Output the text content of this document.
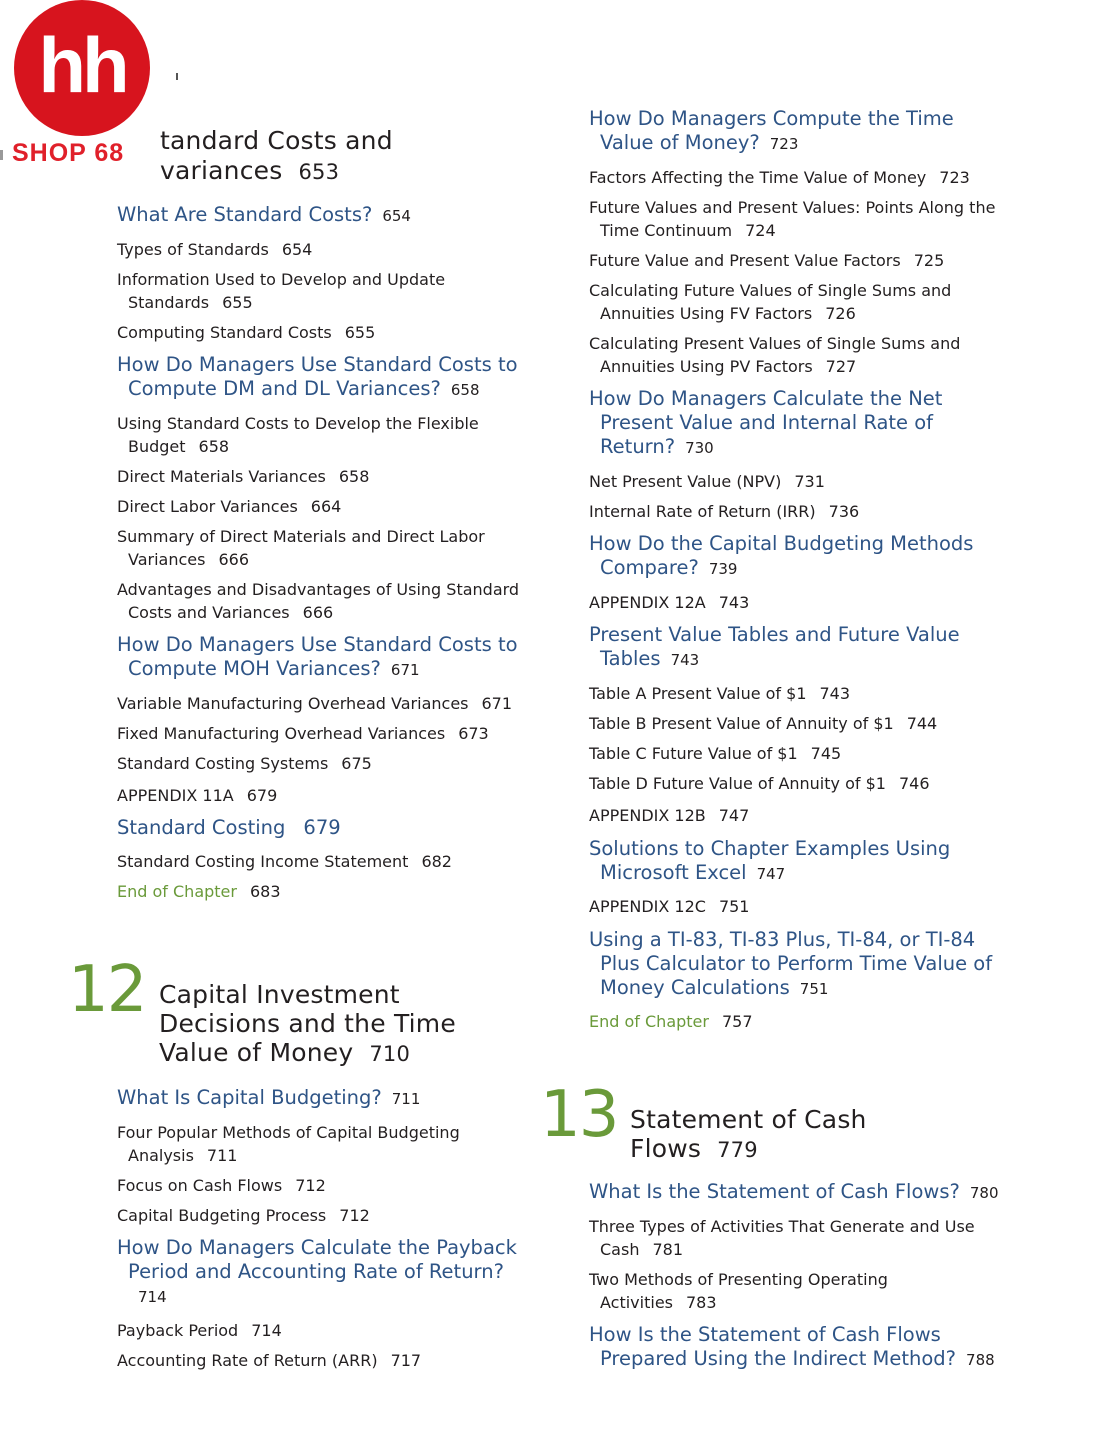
hh
SHOP 68 tandard Costs and
variances 653
What Are Standard Costs? 654
Types of Standards 654
Information Used to Develop and Update Standards 655
Computing Standard Costs 655
How Do Managers Use Standard Costs to Compute DM and DL Variances? 658
Using Standard Costs to Develop the Flexible Budget 658
Direct Materials Variances 658
Direct Labor Variances 664
Summary of Direct Materials and Direct Labor Variances 666
Advantages and Disadvantages of Using Standard Costs and Variances 666
How Do Managers Use Standard Costs to Compute MOH Variances? 671
Variable Manufacturing Overhead Variances 671
Fixed Manufacturing Overhead Variances 673
Standard Costing Systems 675
APPENDIX 11A 679
Standard Costing 679
Standard Costing Income Statement 682
End of Chapter 683
12 Capital Investment
Decisions and the Time
Value of Money 710
What Is Capital Budgeting? 711
Four Popular Methods of Capital Budgeting Analysis 711
Focus on Cash Flows 712
Capital Budgeting Process 712
How Do Managers Calculate the Payback Period and Accounting Rate of Return?714
Payback Period 714
Accounting Rate of Return (ARR) 717
How Do Managers Compute the Time Value of Money? 723
Factors Affecting the Time Value of Money 723
Future Values and Present Values: Points Along the Time Continuum 724
Future Value and Present Value Factors 725
Calculating Future Values of Single Sums and Annuities Using FV Factors 726
Calculating Present Values of Single Sums and Annuities Using PV Factors 727
How Do Managers Calculate the Net Present Value and Internal Rate of Return? 730
Net Present Value (NPV) 731
Internal Rate of Return (IRR) 736
How Do the Capital Budgeting Methods Compare? 739
APPENDIX 12A 743
Present Value Tables and Future Value Tables 743
Table A Present Value of $1 743
Table B Present Value of Annuity of $1 744
Table C Future Value of $1 745
Table D Future Value of Annuity of $1 746
APPENDIX 12B 747
Solutions to Chapter Examples Using Microsoft Excel 747
APPENDIX 12C 751
Using a TI-83, TI-83 Plus, TI-84, or TI-84 Plus Calculator to Perform Time Value of Money Calculations 751
End of Chapter 757
13 Statement of Cash
Flows 779
What Is the Statement of Cash Flows? 780
Three Types of Activities That Generate and Use Cash 781
Two Methods of Presenting Operating Activities 783
How Is the Statement of Cash Flows Prepared Using the Indirect Method? 788
